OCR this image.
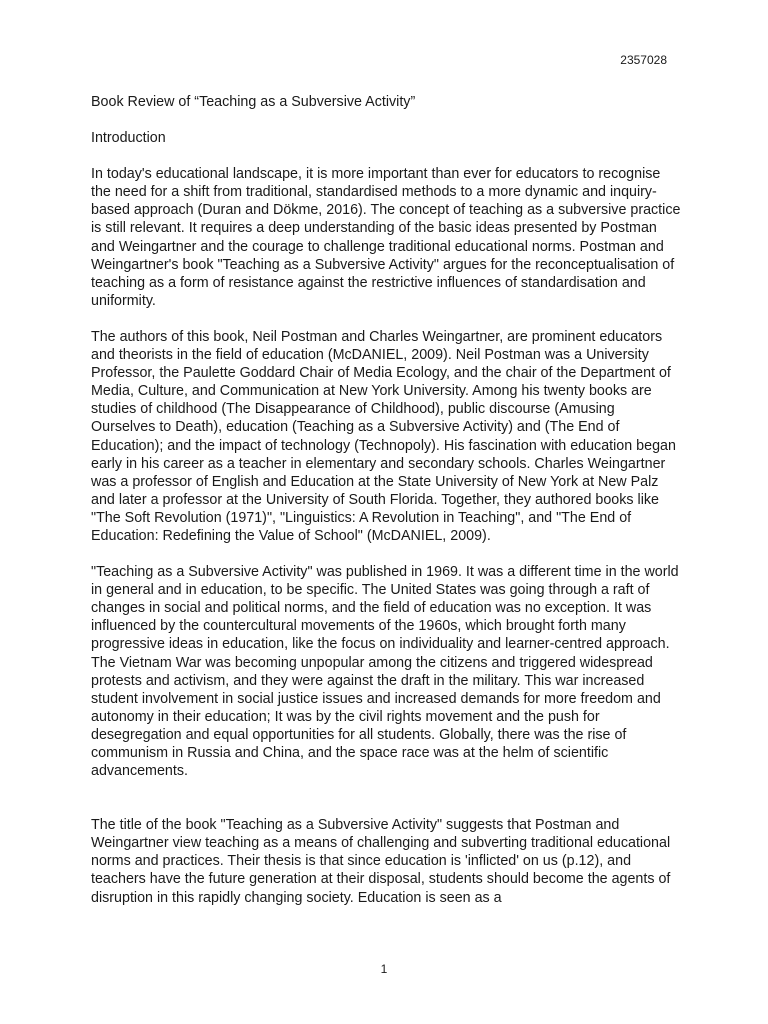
2357028

Book Review of “Teaching as a Subversive Activity”

Introduction

In today's educational landscape, it is more important than ever for educators to recognise the need for a shift from traditional, standardised methods to a more dynamic and inquiry-based approach (Duran and Dökme, 2016). The concept of teaching as a subversive practice is still relevant. It requires a deep understanding of the basic ideas presented by Postman and Weingartner and the courage to challenge traditional educational norms. Postman and Weingartner's book "Teaching as a Subversive Activity" argues for the reconceptualisation of teaching as a form of resistance against the restrictive influences of standardisation and uniformity.

The authors of this book, Neil Postman and Charles Weingartner, are prominent educators and theorists in the field of education (McDANIEL, 2009). Neil Postman was a University Professor, the Paulette Goddard Chair of Media Ecology, and the chair of the Department of Media, Culture, and Communication at New York University. Among his twenty books are studies of childhood (The Disappearance of Childhood), public discourse (Amusing Ourselves to Death), education (Teaching as a Subversive Activity) and (The End of Education); and the impact of technology (Technopoly). His fascination with education began early in his career as a teacher in elementary and secondary schools. Charles Weingartner was a professor of English and Education at the State University of New York at New Palz and later a professor at the University of South Florida. Together, they authored books like "The Soft Revolution (1971)", "Linguistics: A Revolution in Teaching", and "The End of Education: Redefining the Value of School" (McDANIEL, 2009).

"Teaching as a Subversive Activity" was published in 1969. It was a different time in the world in general and in education, to be specific. The United States was going through a raft of changes in social and political norms, and the field of education was no exception. It was influenced by the countercultural movements of the 1960s, which brought forth many progressive ideas in education, like the focus on individuality and learner-centred approach. The Vietnam War was becoming unpopular among the citizens and triggered widespread protests and activism, and they were against the draft in the military. This war increased student involvement in social justice issues and increased demands for more freedom and autonomy in their education; It was by the civil rights movement and the push for desegregation and equal opportunities for all students. Globally, there was the rise of communism in Russia and China, and the space race was at the helm of scientific advancements.

The title of the book "Teaching as a Subversive Activity" suggests that Postman and Weingartner view teaching as a means of challenging and subverting traditional educational norms and practices. Their thesis is that since education is 'inflicted' on us (p.12), and teachers have the future generation at their disposal, students should become the agents of disruption in this rapidly changing society. Education is seen as a

1
